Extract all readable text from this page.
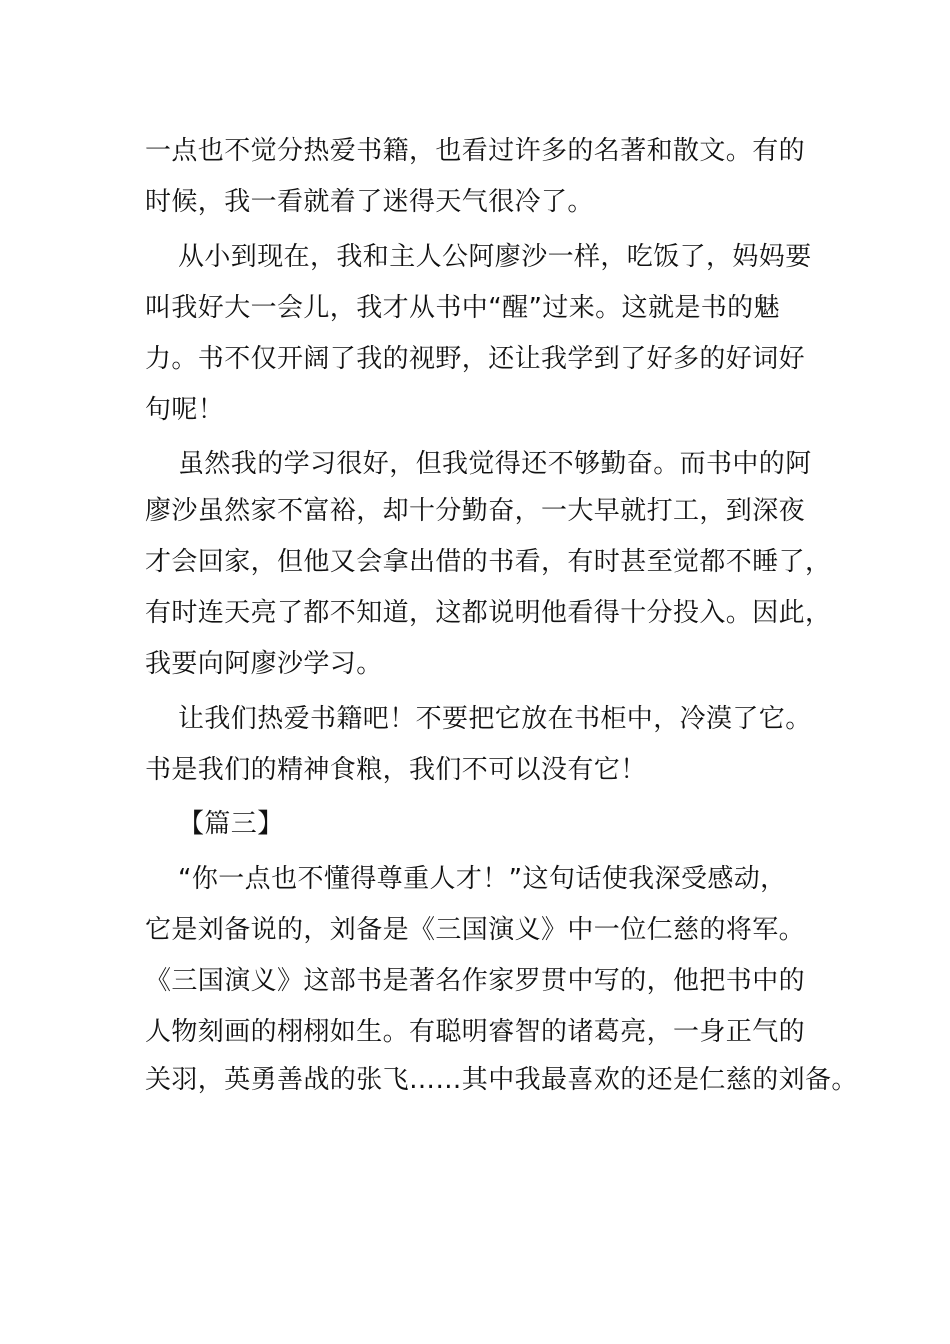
一点也不觉分热爱书籍，也看过许多的名著和散文。有的
时候，我一看就着了迷得天气很冷了。
从小到现在，我和主人公阿廖沙一样，吃饭了，妈妈要
叫我好大一会儿，我才从书中“醒”过来。这就是书的魅
力。书不仅开阔了我的视野，还让我学到了好多的好词好
句呢！
虽然我的学习很好，但我觉得还不够勤奋。而书中的阿
廖沙虽然家不富裕，却十分勤奋，一大早就打工，到深夜
才会回家，但他又会拿出借的书看，有时甚至觉都不睡了，
有时连天亮了都不知道，这都说明他看得十分投入。因此，
我要向阿廖沙学习。
让我们热爱书籍吧！不要把它放在书柜中，冷漠了它。
书是我们的精神食粮，我们不可以没有它！
【篇三】
“你一点也不懂得尊重人才！”这句话使我深受感动，
它是刘备说的，刘备是《三国演义》中一位仁慈的将军。
《三国演义》这部书是著名作家罗贯中写的，他把书中的
人物刻画的栩栩如生。有聪明睿智的诸葛亮，一身正气的
关羽，英勇善战的张飞……其中我最喜欢的还是仁慈的刘备。
